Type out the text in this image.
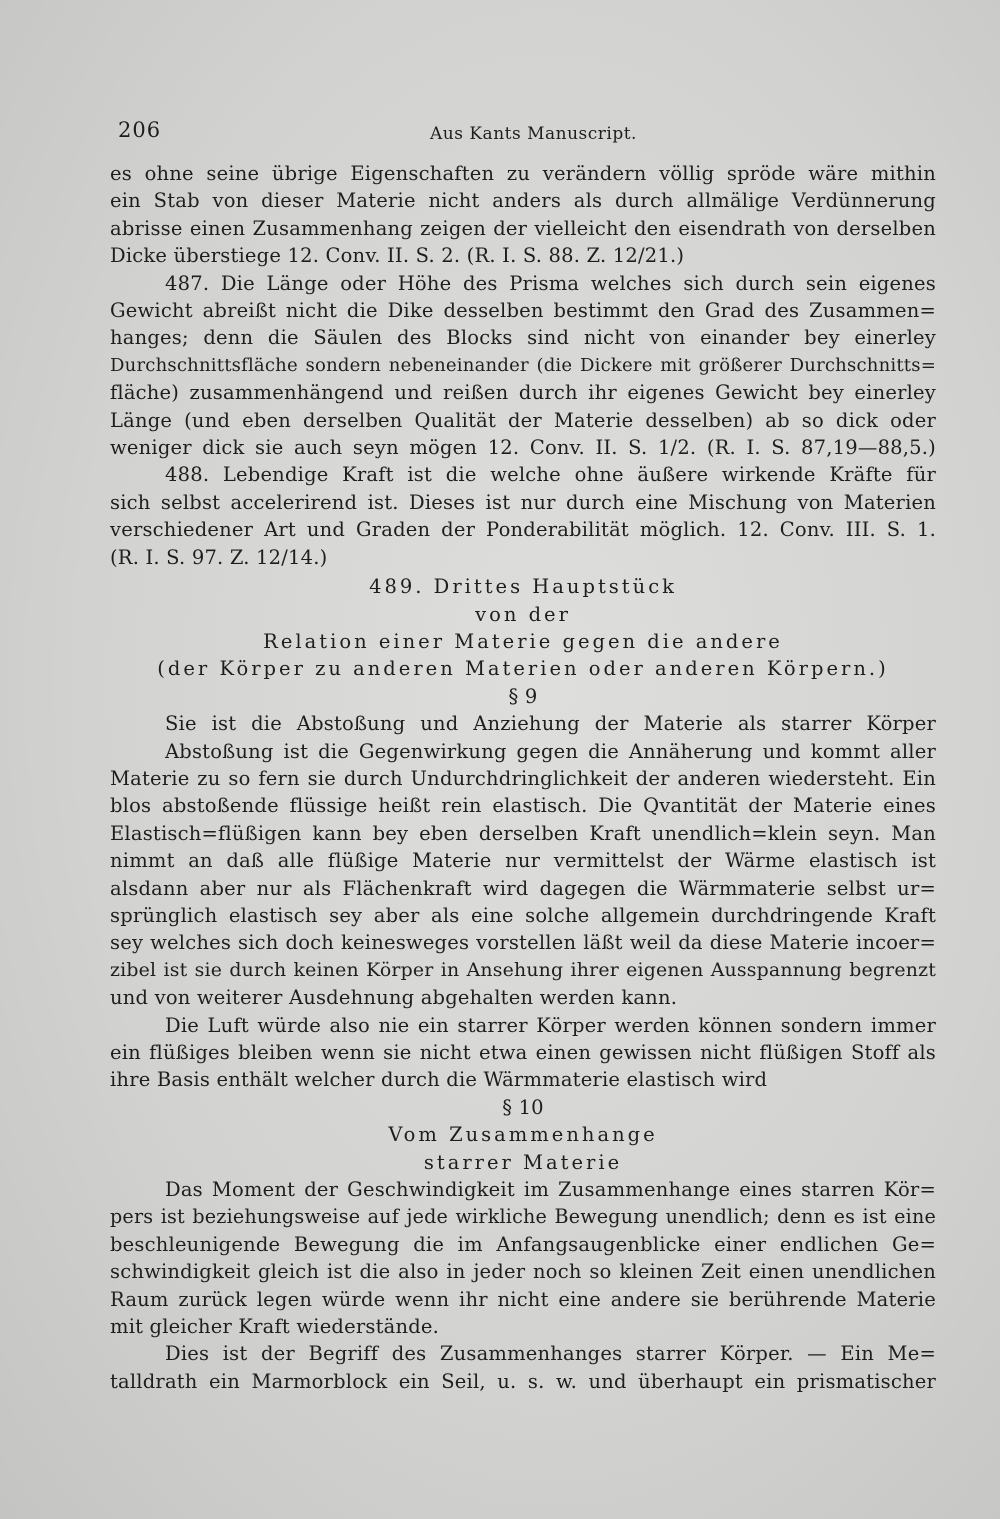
206	Aus Kants Manuscript.
es ohne seine übrige Eigenschaften zu verändern völlig spröde wäre mithin
ein Stab von dieser Materie nicht anders als durch allmälige Verdünnerung
abrisse einen Zusammenhang zeigen der vielleicht den eisendrath von derselben
Dicke überstiege 12. Conv. II. S. 2. (R. I. S. 88. Z. 12/21.)
487. Die Länge oder Höhe des Prisma welches sich durch sein eigenes
Gewicht abreißt nicht die Dike desselben bestimmt den Grad des Zusammen=
hanges; denn die Säulen des Blocks sind nicht von einander bey einerley
Durchschnittsfläche sondern nebeneinander (die Dickere mit größerer Durchschnitts=
fläche) zusammenhängend und reißen durch ihr eigenes Gewicht bey einerley
Länge (und eben derselben Qualität der Materie desselben) ab so dick oder
weniger dick sie auch seyn mögen 12. Conv. II. S. 1/2. (R. I. S. 87,19—88,5.)
488. Lebendige Kraft ist die welche ohne äußere wirkende Kräfte für
sich selbst accelerirend ist. Dieses ist nur durch eine Mischung von Materien
verschiedener Art und Graden der Ponderabilität möglich. 12. Conv. III. S. 1.
(R. I. S. 97. Z. 12/14.)

489. Drittes Hauptstück

von der

Relation einer Materie gegen die andere

(der Körper zu anderen Materien oder anderen Körpern.)

§ 9

Sie ist die Abstoßung und Anziehung der Materie als starrer Körper
Abstoßung ist die Gegenwirkung gegen die Annäherung und kommt aller
Materie zu so fern sie durch Undurchdringlichkeit der anderen wiedersteht. Ein
blos abstoßende flüssige heißt rein elastisch. Die Qvantität der Materie eines
Elastisch=flüßigen kann bey eben derselben Kraft unendlich=klein seyn. Man
nimmt an daß alle flüßige Materie nur vermittelst der Wärme elastisch ist
alsdann aber nur als Flächenkraft wird dagegen die Wärmmaterie selbst ur=
sprünglich elastisch sey aber als eine solche allgemein durchdringende Kraft
sey welches sich doch keinesweges vorstellen läßt weil da diese Materie incoer=
zibel ist sie durch keinen Körper in Ansehung ihrer eigenen Ausspannung begrenzt
und von weiterer Ausdehnung abgehalten werden kann.
Die Luft würde also nie ein starrer Körper werden können sondern immer
ein flüßiges bleiben wenn sie nicht etwa einen gewissen nicht flüßigen Stoff als
ihre Basis enthält welcher durch die Wärmmaterie elastisch wird

§ 10

Vom Zusammenhange

starrer Materie

Das Moment der Geschwindigkeit im Zusammenhange eines starren Kör=
pers ist beziehungsweise auf jede wirkliche Bewegung unendlich; denn es ist eine
beschleunigende Bewegung die im Anfangsaugenblicke einer endlichen Ge=
schwindigkeit gleich ist die also in jeder noch so kleinen Zeit einen unendlichen
Raum zurück legen würde wenn ihr nicht eine andere sie berührende Materie
mit gleicher Kraft wiederstände.
Dies ist der Begriff des Zusammenhanges starrer Körper. — Ein Me=
talldrath ein Marmorblock ein Seil, u. s. w. und überhaupt ein prismatischer
